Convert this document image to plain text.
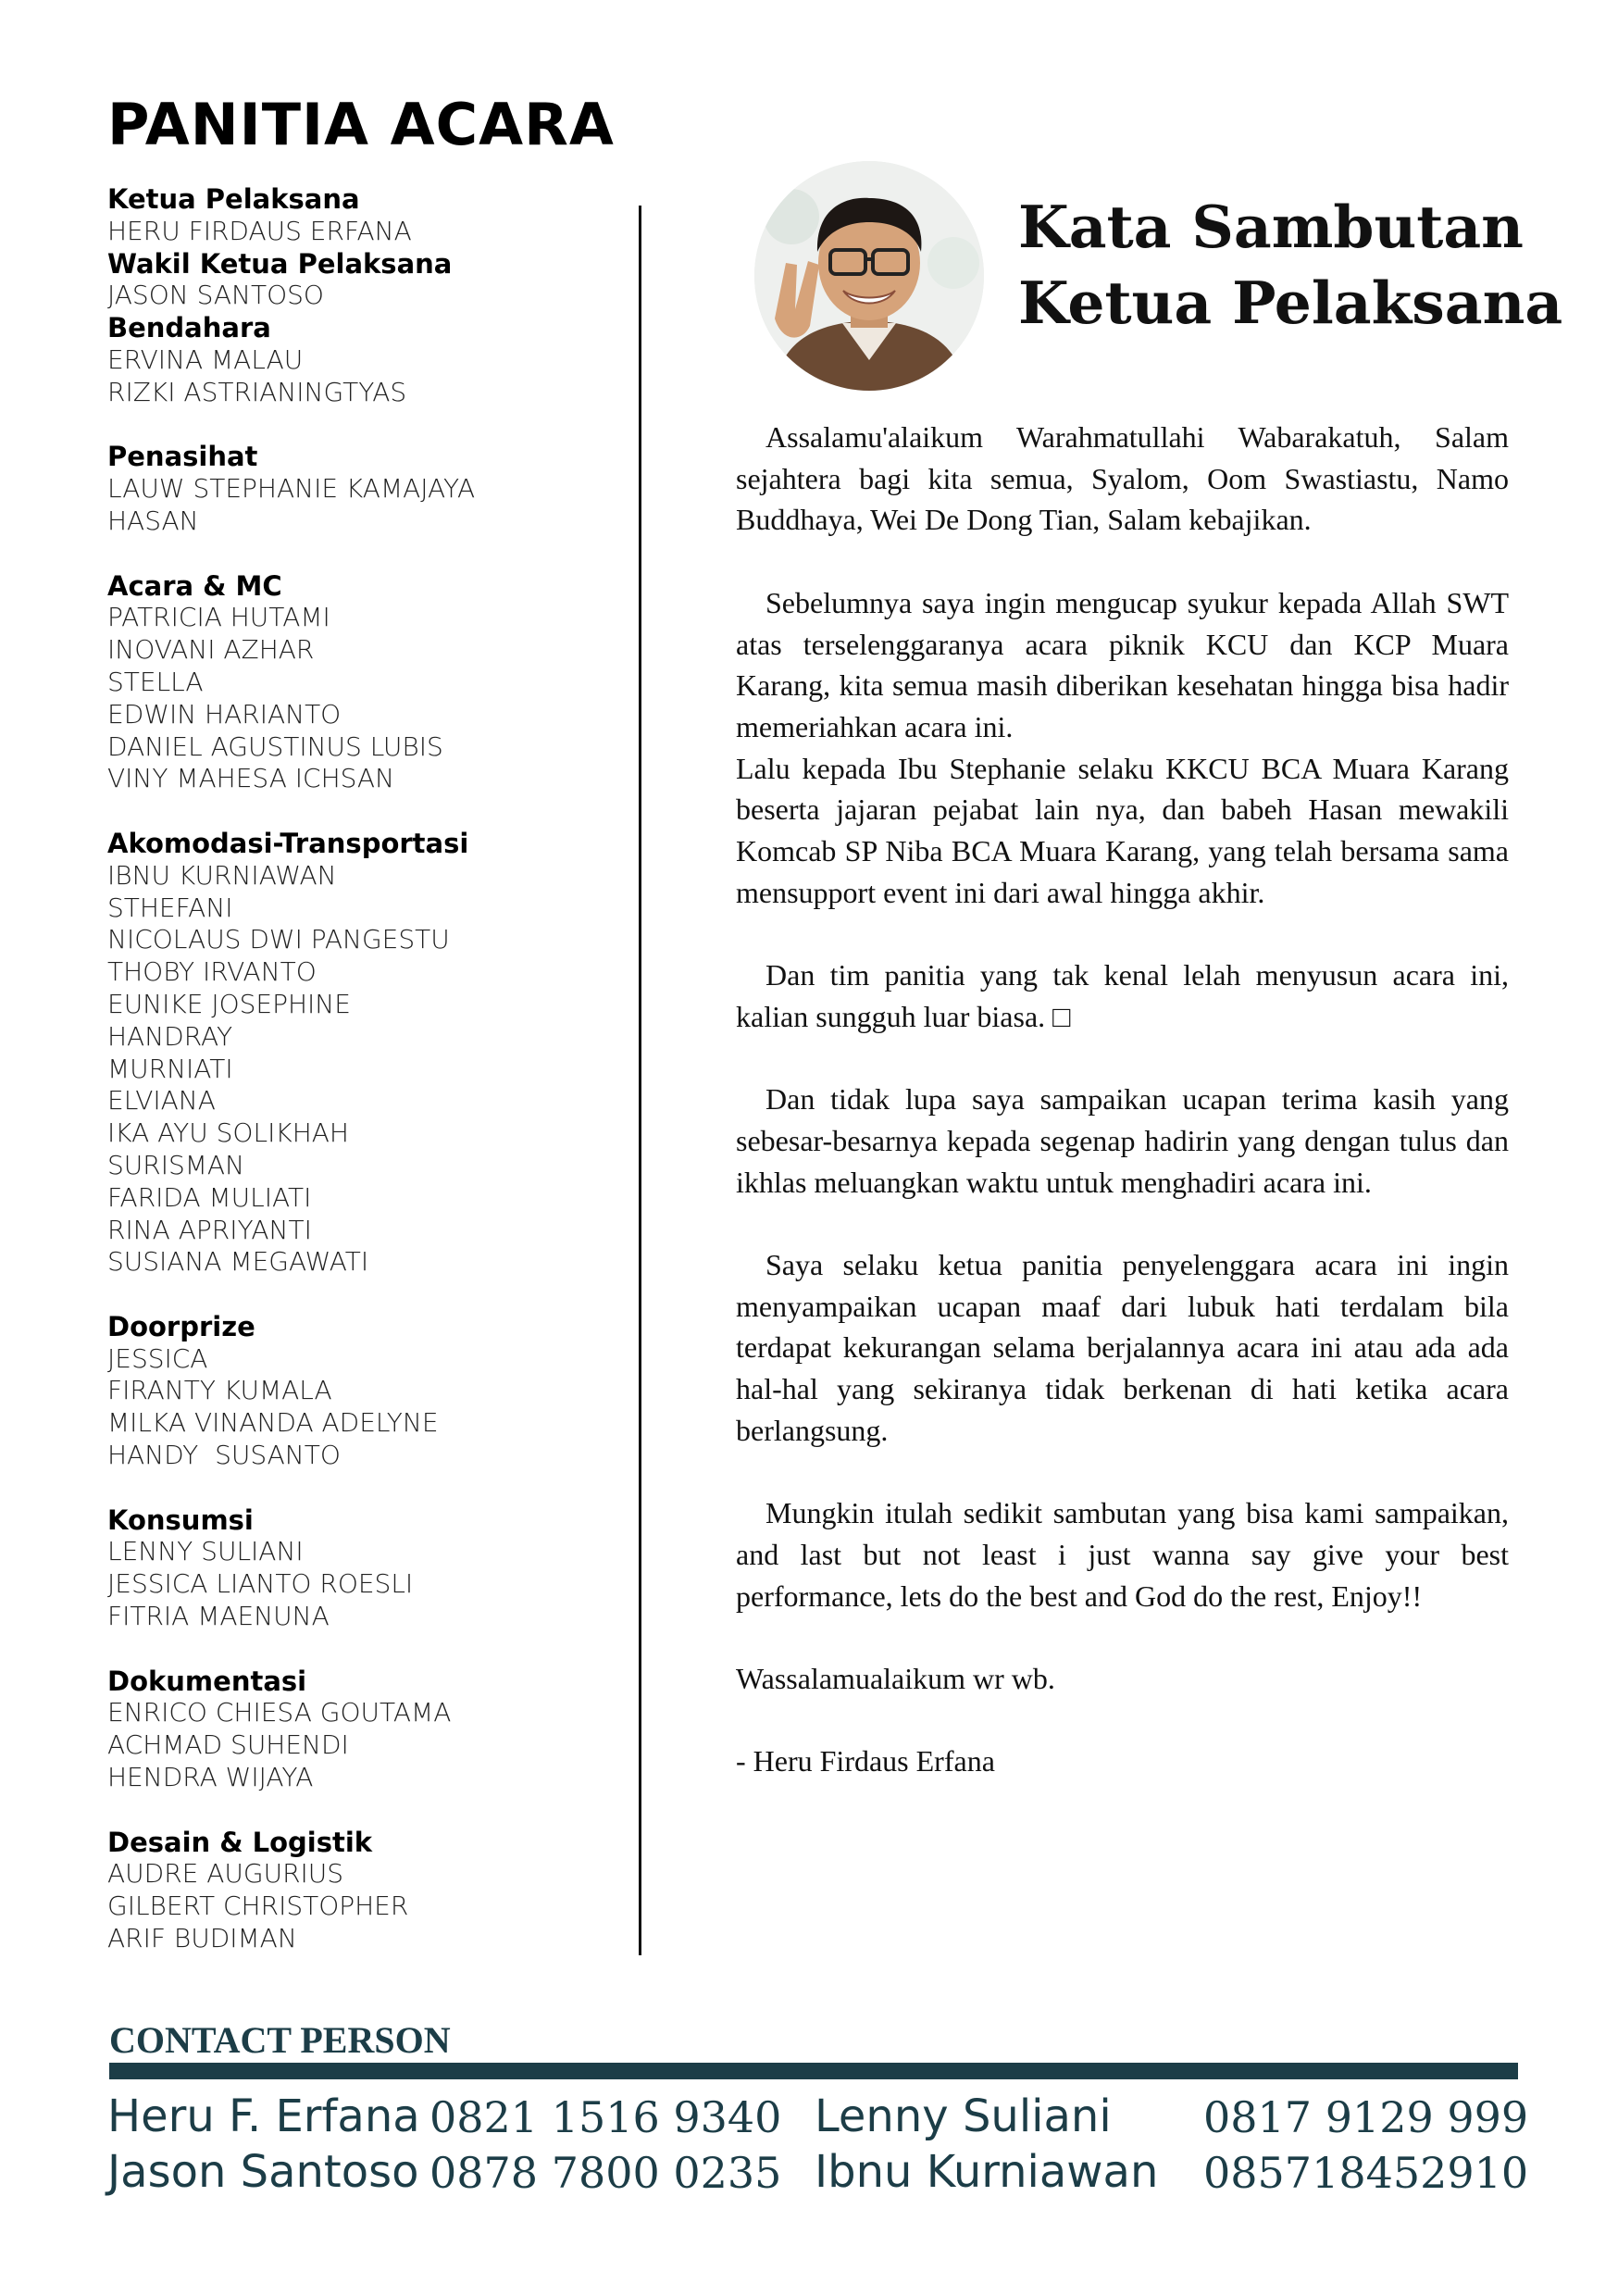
PANITIA ACARA
Ketua Pelaksana
HERU FIRDAUS ERFANA
Wakil Ketua Pelaksana
JASON SANTOSO
Bendahara
ERVINA MALAU
RIZKI ASTRIANINGTYAS
Penasihat
LAUW STEPHANIE KAMAJAYA
HASAN
Acara & MC
PATRICIA HUTAMI
INOVANI AZHAR
STELLA
EDWIN HARIANTO
DANIEL AGUSTINUS LUBIS
VINY MAHESA ICHSAN
Akomodasi-Transportasi
IBNU KURNIAWAN
STHEFANI
NICOLAUS DWI PANGESTU
THOBY IRVANTO
EUNIKE JOSEPHINE
HANDRAY
MURNIATI
ELVIANA
IKA AYU SOLIKHAH
SURISMAN
FARIDA MULIATI
RINA APRIYANTI
SUSIANA MEGAWATI
Doorprize
JESSICA
FIRANTY KUMALA
MILKA VINANDA ADELYNE
HANDY  SUSANTO
Konsumsi
LENNY SULIANI
JESSICA LIANTO ROESLI
FITRIA MAENUNA
Dokumentasi
ENRICO CHIESA GOUTAMA
ACHMAD SUHENDI
HENDRA WIJAYA
Desain & Logistik
AUDRE AUGURIUS
GILBERT CHRISTOPHER
ARIF BUDIMAN
Kata Sambutan
Ketua Pelaksana

Assalamu'alaikum Warahmatullahi Wabarakatuh, Salam sejahtera bagi kita semua, Syalom, Oom Swastiastu, Namo Buddhaya, Wei De Dong Tian, Salam kebajikan.

Sebelumnya saya ingin mengucap syukur kepada Allah SWT atas terselenggaranya acara piknik KCU dan KCP Muara Karang, kita semua masih diberikan kesehatan hingga bisa hadir memeriahkan acara ini.

Lalu kepada Ibu Stephanie selaku KKCU BCA Muara Karang beserta jajaran pejabat lain nya, dan babeh Hasan mewakili Komcab SP Niba BCA Muara Karang, yang telah bersama sama mensupport event ini dari awal hingga akhir.

Dan tim panitia yang tak kenal lelah menyusun acara ini, kalian sungguh luar biasa. □

Dan tidak lupa saya sampaikan ucapan terima kasih yang sebesar-besarnya kepada segenap hadirin yang dengan tulus dan ikhlas meluangkan waktu untuk menghadiri acara ini.

Saya selaku ketua panitia penyelenggara acara ini ingin menyampaikan ucapan maaf dari lubuk hati terdalam bila terdapat kekurangan selama berjalannya acara ini atau ada ada hal-hal yang sekiranya tidak berkenan di hati ketika acara berlangsung.

Mungkin itulah sedikit sambutan yang bisa kami sampaikan, and last but not least i just wanna say give your best performance, lets do the best and God do the rest, Enjoy!!

Wassalamualaikum wr wb.

- Heru Firdaus Erfana

CONTACT PERSON
Heru F. Erfana 0821 1516 9340
Jason Santoso 0878 7800 0235
Lenny Suliani 0817 9129 999
Ibnu Kurniawan 085718452910
